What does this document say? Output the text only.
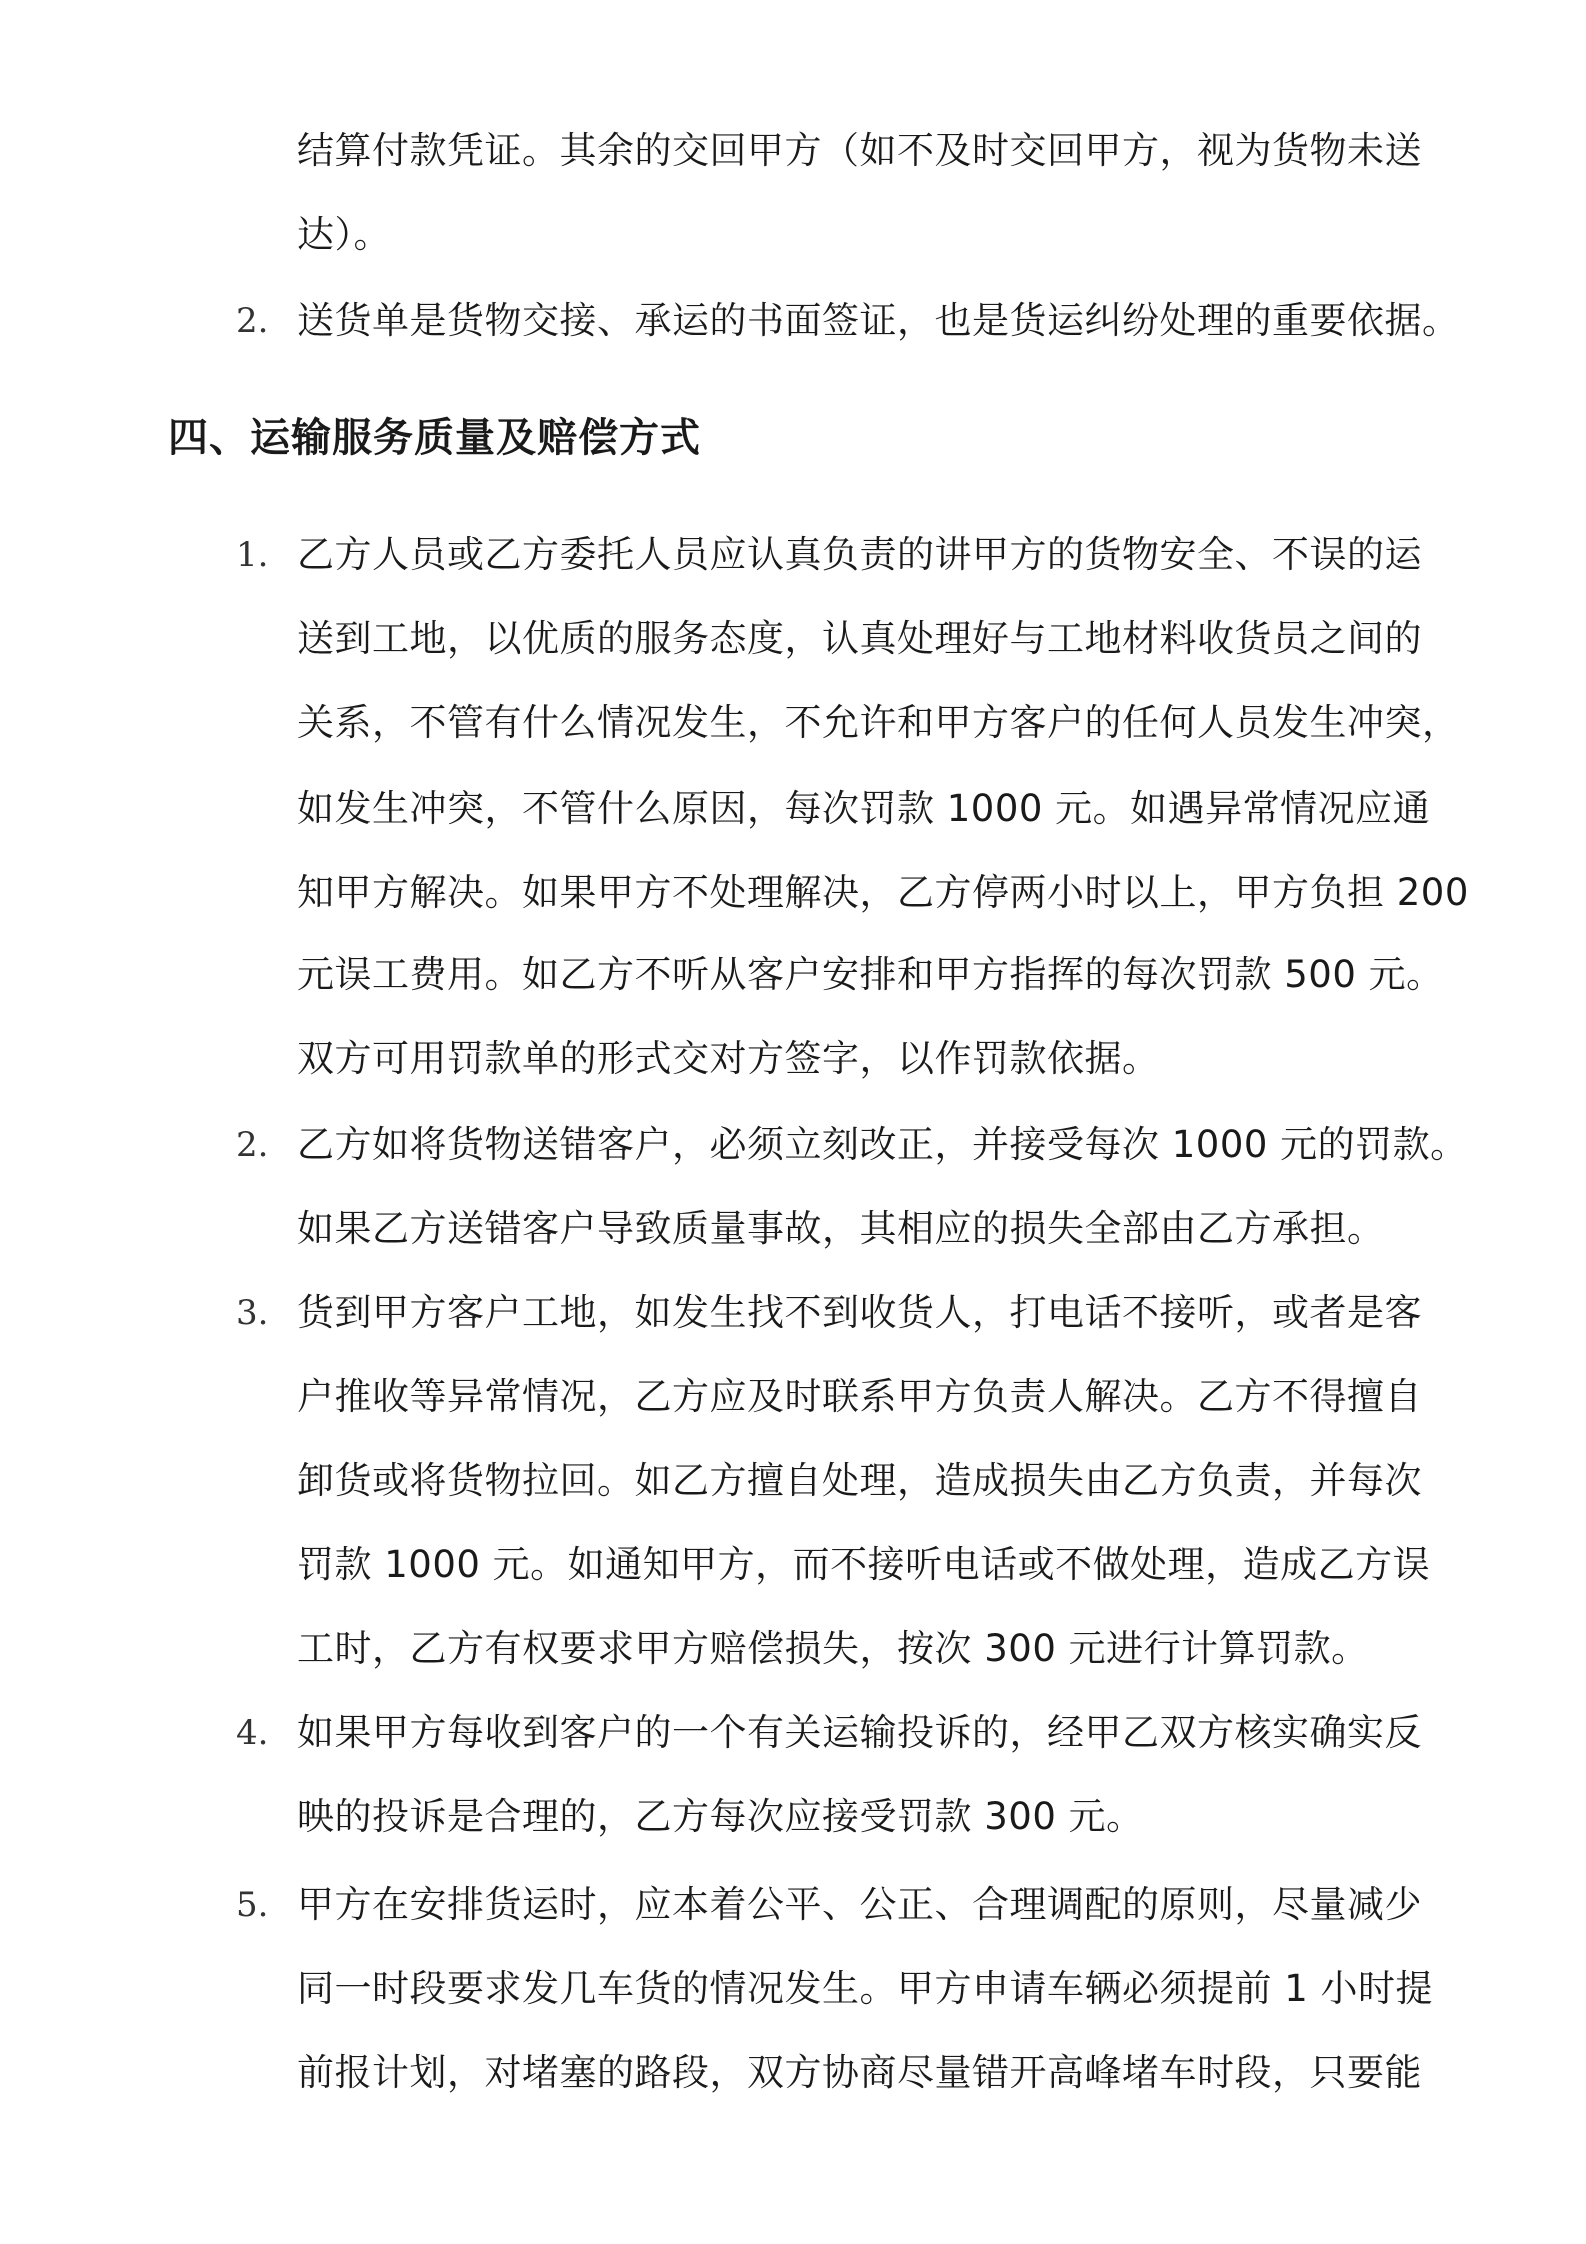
结算付款凭证。其余的交回甲方（如不及时交回甲方，视为货物未送
达）。
2. 送货单是货物交接、承运的书面签证，也是货运纠纷处理的重要依据。
四、运输服务质量及赔偿方式
1. 乙方人员或乙方委托人员应认真负责的讲甲方的货物安全、不误的运
送到工地，以优质的服务态度，认真处理好与工地材料收货员之间的
关系，不管有什么情况发生，不允许和甲方客户的任何人员发生冲突，
如发生冲突，不管什么原因，每次罚款 1000 元。如遇异常情况应通
知甲方解决。如果甲方不处理解决，乙方停两小时以上，甲方负担 200
元误工费用。如乙方不听从客户安排和甲方指挥的每次罚款 500 元。
双方可用罚款单的形式交对方签字，以作罚款依据。
2. 乙方如将货物送错客户，必须立刻改正，并接受每次 1000 元的罚款。
如果乙方送错客户导致质量事故，其相应的损失全部由乙方承担。
3. 货到甲方客户工地，如发生找不到收货人，打电话不接听，或者是客
户推收等异常情况，乙方应及时联系甲方负责人解决。乙方不得擅自
卸货或将货物拉回。如乙方擅自处理，造成损失由乙方负责，并每次
罚款 1000 元。如通知甲方，而不接听电话或不做处理，造成乙方误
工时，乙方有权要求甲方赔偿损失，按次 300 元进行计算罚款。
4. 如果甲方每收到客户的一个有关运输投诉的，经甲乙双方核实确实反
映的投诉是合理的，乙方每次应接受罚款 300 元。
5. 甲方在安排货运时，应本着公平、公正、合理调配的原则，尽量减少
同一时段要求发几车货的情况发生。甲方申请车辆必须提前 1 小时提
前报计划，对堵塞的路段，双方协商尽量错开高峰堵车时段，只要能
